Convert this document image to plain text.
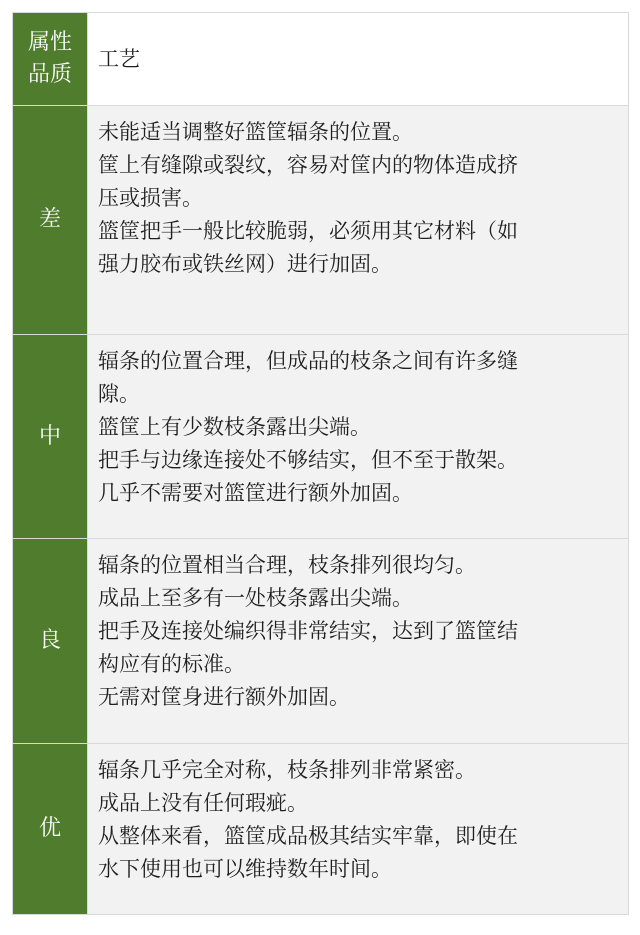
属性
品质
工艺
差
未能适当调整好篮筐辐条的位置。
筐上有缝隙或裂纹，容易对筐内的物体造成挤
压或损害。
篮筐把手一般比较脆弱，必须用其它材料（如
强力胶布或铁丝网）进行加固。
中
辐条的位置合理，但成品的枝条之间有许多缝
隙。
篮筐上有少数枝条露出尖端。
把手与边缘连接处不够结实，但不至于散架。
几乎不需要对篮筐进行额外加固。
良
辐条的位置相当合理，枝条排列很均匀。
成品上至多有一处枝条露出尖端。
把手及连接处编织得非常结实，达到了篮筐结
构应有的标准。
无需对筐身进行额外加固。
优
辐条几乎完全对称，枝条排列非常紧密。
成品上没有任何瑕疵。
从整体来看，篮筐成品极其结实牢靠，即使在
水下使用也可以维持数年时间。
